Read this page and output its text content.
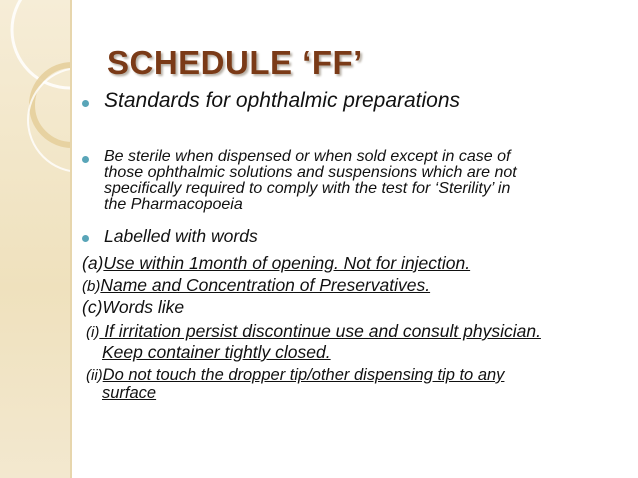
SCHEDULE ‘FF’
Standards for ophthalmic preparations
Be sterile when dispensed or when sold except in case of
those ophthalmic solutions and suspensions which are not
specifically required to comply with the test for ‘Sterility’ in
the Pharmacopoeia
Labelled with words
(a)Use within 1month of opening. Not for injection.
(b)Name and Concentration of Preservatives.
(c)Words like
(i) If irritation persist discontinue use and consult physician.
Keep container tightly closed.
(ii)Do not touch the dropper tip/other dispensing tip to any
surface
